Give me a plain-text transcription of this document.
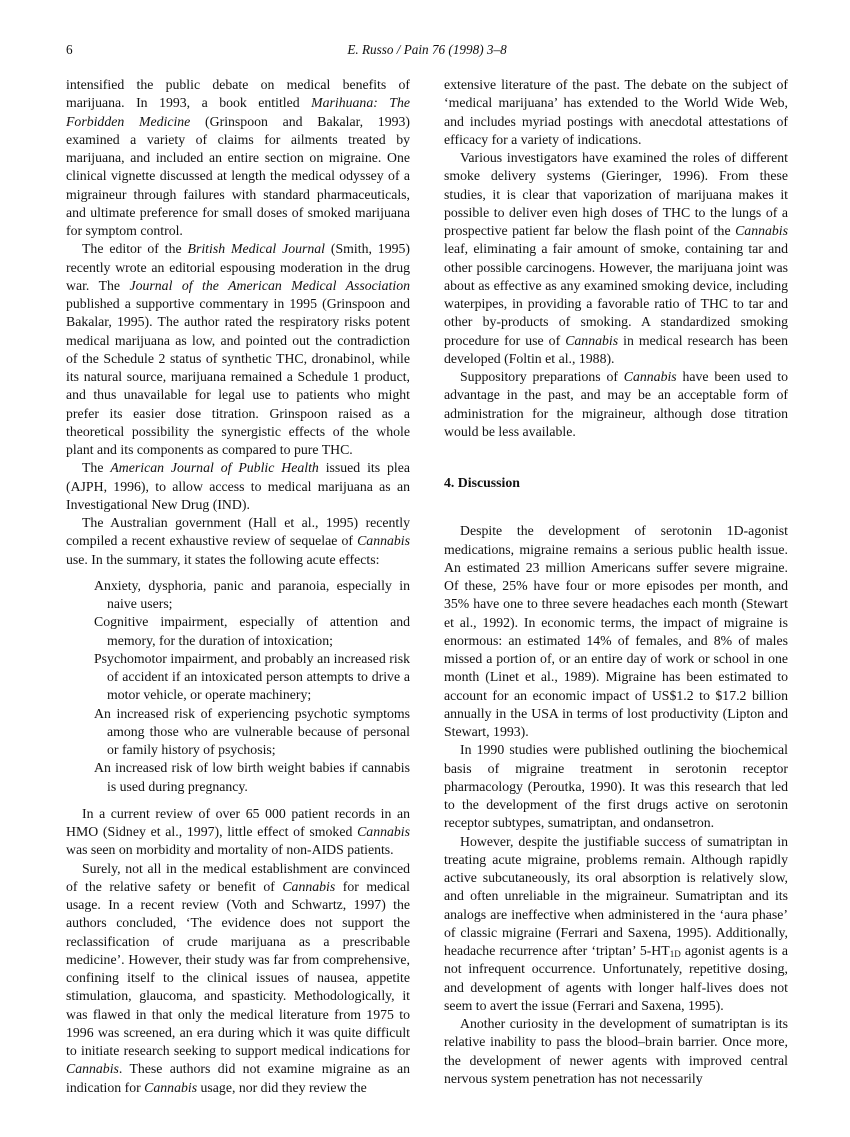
6	E. Russo / Pain 76 (1998) 3–8

intensified the public debate on medical benefits of marijuana. In 1993, a book entitled Marihuana: The Forbidden Medicine (Grinspoon and Bakalar, 1993) examined a variety of claims for ailments treated by marijuana, and included an entire section on migraine. One clinical vignette discussed at length the medical odyssey of a migraineur through failures with standard pharmaceuticals, and ultimate preference for small doses of smoked marijuana for symptom control.

The editor of the British Medical Journal (Smith, 1995) recently wrote an editorial espousing moderation in the drug war. The Journal of the American Medical Association published a supportive commentary in 1995 (Grinspoon and Bakalar, 1995). The author rated the respiratory risks potent medical marijuana as low, and pointed out the contradiction of the Schedule 2 status of synthetic THC, dronabinol, while its natural source, marijuana remained a Schedule 1 product, and thus unavailable for legal use to patients who might prefer its easier dose titration. Grinspoon raised as a theoretical possibility the synergistic effects of the whole plant and its components as compared to pure THC.

The American Journal of Public Health issued its plea (AJPH, 1996), to allow access to medical marijuana as an Investigational New Drug (IND).

The Australian government (Hall et al., 1995) recently compiled a recent exhaustive review of sequelae of Cannabis use. In the summary, it states the following acute effects:

Anxiety, dysphoria, panic and paranoia, especially in naive users;
Cognitive impairment, especially of attention and memory, for the duration of intoxication;
Psychomotor impairment, and probably an increased risk of accident if an intoxicated person attempts to drive a motor vehicle, or operate machinery;
An increased risk of experiencing psychotic symptoms among those who are vulnerable because of personal or family history of psychosis;
An increased risk of low birth weight babies if cannabis is used during pregnancy.

In a current review of over 65 000 patient records in an HMO (Sidney et al., 1997), little effect of smoked Cannabis was seen on morbidity and mortality of non-AIDS patients.

Surely, not all in the medical establishment are convinced of the relative safety or benefit of Cannabis for medical usage. In a recent review (Voth and Schwartz, 1997) the authors concluded, ‘The evidence does not support the reclassification of crude marijuana as a prescribable medicine’. However, their study was far from comprehensive, confining itself to the clinical issues of nausea, appetite stimulation, glaucoma, and spasticity. Methodologically, it was flawed in that only the medical literature from 1975 to 1996 was screened, an era during which it was quite difficult to initiate research seeking to support medical indications for Cannabis. These authors did not examine migraine as an indication for Cannabis usage, nor did they review the

extensive literature of the past. The debate on the subject of ‘medical marijuana’ has extended to the World Wide Web, and includes myriad postings with anecdotal attestations of efficacy for a variety of indications.

Various investigators have examined the roles of different smoke delivery systems (Gieringer, 1996). From these studies, it is clear that vaporization of marijuana makes it possible to deliver even high doses of THC to the lungs of a prospective patient far below the flash point of the Cannabis leaf, eliminating a fair amount of smoke, containing tar and other possible carcinogens. However, the marijuana joint was about as effective as any examined smoking device, including waterpipes, in providing a favorable ratio of THC to tar and other by-products of smoking. A standardized smoking procedure for use of Cannabis in medical research has been developed (Foltin et al., 1988).

Suppository preparations of Cannabis have been used to advantage in the past, and may be an acceptable form of administration for the migraineur, although dose titration would be less available.

4. Discussion

Despite the development of serotonin 1D-agonist medications, migraine remains a serious public health issue. An estimated 23 million Americans suffer severe migraine. Of these, 25% have four or more episodes per month, and 35% have one to three severe headaches each month (Stewart et al., 1992). In economic terms, the impact of migraine is enormous: an estimated 14% of females, and 8% of males missed a portion of, or an entire day of work or school in one month (Linet et al., 1989). Migraine has been estimated to account for an economic impact of US$1.2 to $17.2 billion annually in the USA in terms of lost productivity (Lipton and Stewart, 1993).

In 1990 studies were published outlining the biochemical basis of migraine treatment in serotonin receptor pharmacology (Peroutka, 1990). It was this research that led to the development of the first drugs active on serotonin receptor subtypes, sumatriptan, and ondansetron.

However, despite the justifiable success of sumatriptan in treating acute migraine, problems remain. Although rapidly active subcutaneously, its oral absorption is relatively slow, and often unreliable in the migraineur. Sumatriptan and its analogs are ineffective when administered in the ‘aura phase’ of classic migraine (Ferrari and Saxena, 1995). Additionally, headache recurrence after ‘triptan’ $5-HT_{1D}$ agonist agents is a not infrequent occurrence. Unfortunately, repetitive dosing, and development of agents with longer half-lives does not seem to avert the issue (Ferrari and Saxena, 1995).

Another curiosity in the development of sumatriptan is its relative inability to pass the blood–brain barrier. Once more, the development of newer agents with improved central nervous system penetration has not necessarily
